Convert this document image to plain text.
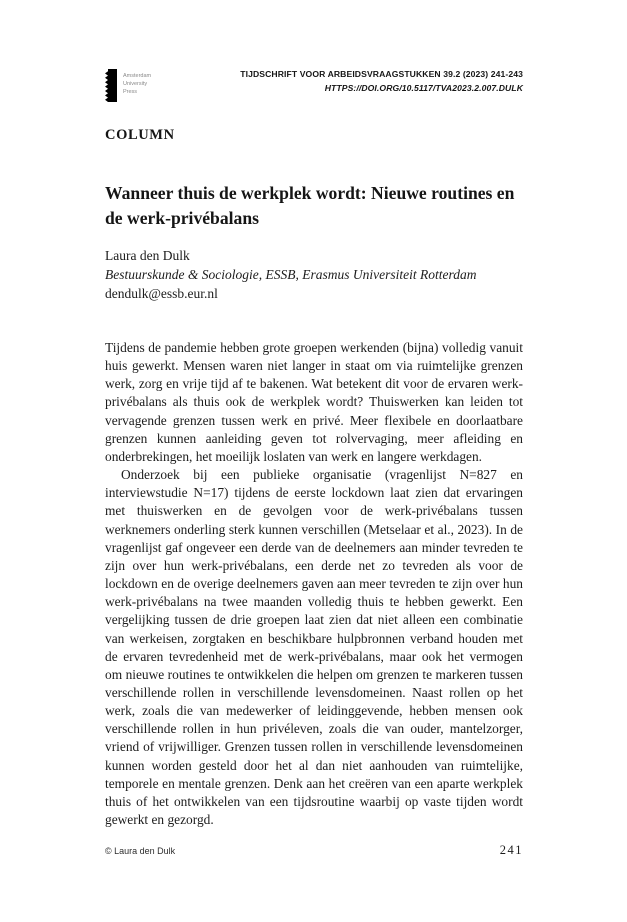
Amsterdam
University
Press
TIJDSCHRIFT VOOR ARBEIDSVRAAGSTUKKEN 39.2 (2023) 241-243
HTTPS://DOI.ORG/10.5117/TVA2023.2.007.DULK
COLUMN
Wanneer thuis de werkplek wordt: Nieuwe routines en de werk-privébalans
Laura den Dulk
Bestuurskunde & Sociologie, ESSB, Erasmus Universiteit Rotterdam
dendulk@essb.eur.nl

Tijdens de pandemie hebben grote groepen werkenden (bijna) volledig vanuit huis gewerkt. Mensen waren niet langer in staat om via ruimtelijke grenzen werk, zorg en vrije tijd af te bakenen. Wat betekent dit voor de ervaren werk-privébalans als thuis ook de werkplek wordt? Thuiswerken kan leiden tot vervagende grenzen tussen werk en privé. Meer flexibele en doorlaatbare grenzen kunnen aanleiding geven tot rolvervaging, meer afleiding en onderbrekingen, het moeilijk loslaten van werk en langere werkdagen.

Onderzoek bij een publieke organisatie (vragenlijst N=827 en interviewstudie N=17) tijdens de eerste lockdown laat zien dat ervaringen met thuiswerken en de gevolgen voor de werk-privébalans tussen werknemers onderling sterk kunnen verschillen (Metselaar et al., 2023). In de vragenlijst gaf ongeveer een derde van de deelnemers aan minder tevreden te zijn over hun werk-privébalans, een derde net zo tevreden als voor de lockdown en de overige deelnemers gaven aan meer tevreden te zijn over hun werk-privébalans na twee maanden volledig thuis te hebben gewerkt. Een vergelijking tussen de drie groepen laat zien dat niet alleen een combinatie van werkeisen, zorgtaken en beschikbare hulpbronnen verband houden met de ervaren tevredenheid met de werk-privébalans, maar ook het vermogen om nieuwe routines te ontwikkelen die helpen om grenzen te markeren tussen verschillende rollen in verschillende levensdomeinen. Naast rollen op het werk, zoals die van medewerker of leidinggevende, hebben mensen ook verschillende rollen in hun privéleven, zoals die van ouder, mantelzorger, vriend of vrijwilliger. Grenzen tussen rollen in verschillende levensdomeinen kunnen worden gesteld door het al dan niet aanhouden van ruimtelijke, temporele en mentale grenzen. Denk aan het creëren van een aparte werkplek thuis of het ontwikkelen van een tijdsroutine waarbij op vaste tijden wordt gewerkt en gezorgd.

© Laura den Dulk	241
